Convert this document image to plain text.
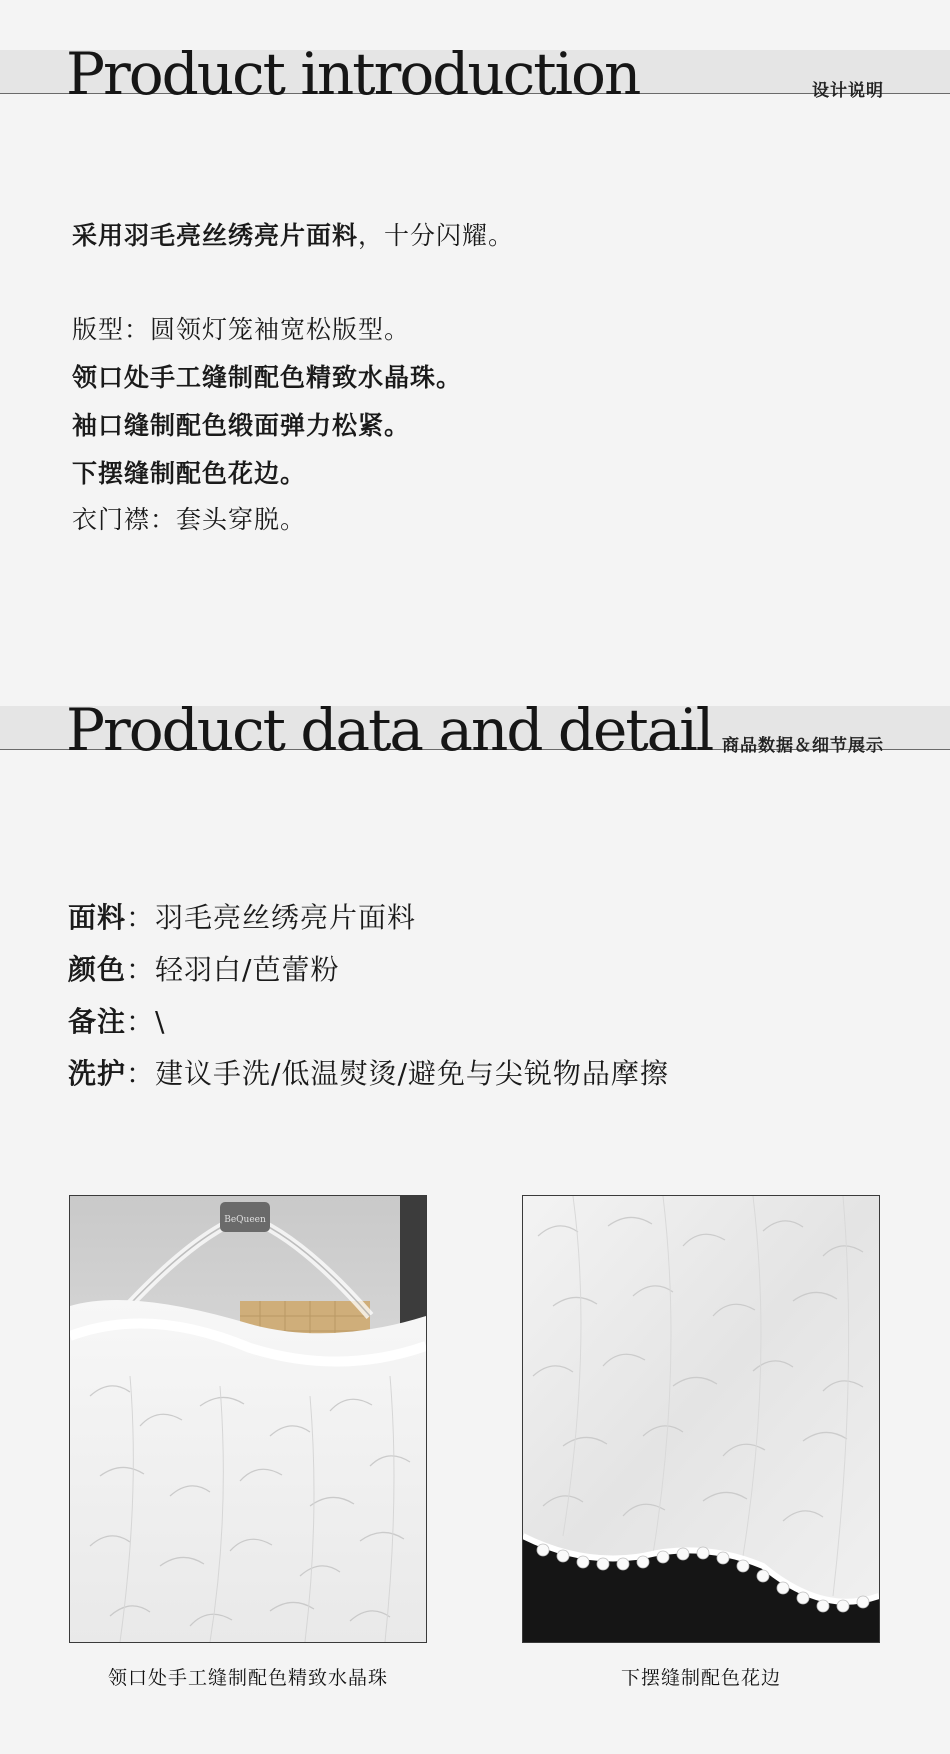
Product introduction	设计说明
采用羽毛亮丝绣亮片面料，十分闪耀。
版型：圆领灯笼袖宽松版型。
领口处手工缝制配色精致水晶珠。
袖口缝制配色缎面弹力松紧。
下摆缝制配色花边。
衣门襟：套头穿脱。
Product data and detail 商品数据＆细节展示
面料：羽毛亮丝绣亮片面料
颜色：轻羽白/芭蕾粉
备注：\
洗护：建议手洗/低温熨烫/避免与尖锐物品摩擦
BeQueen
领口处手工缝制配色精致水晶珠	下摆缝制配色花边
